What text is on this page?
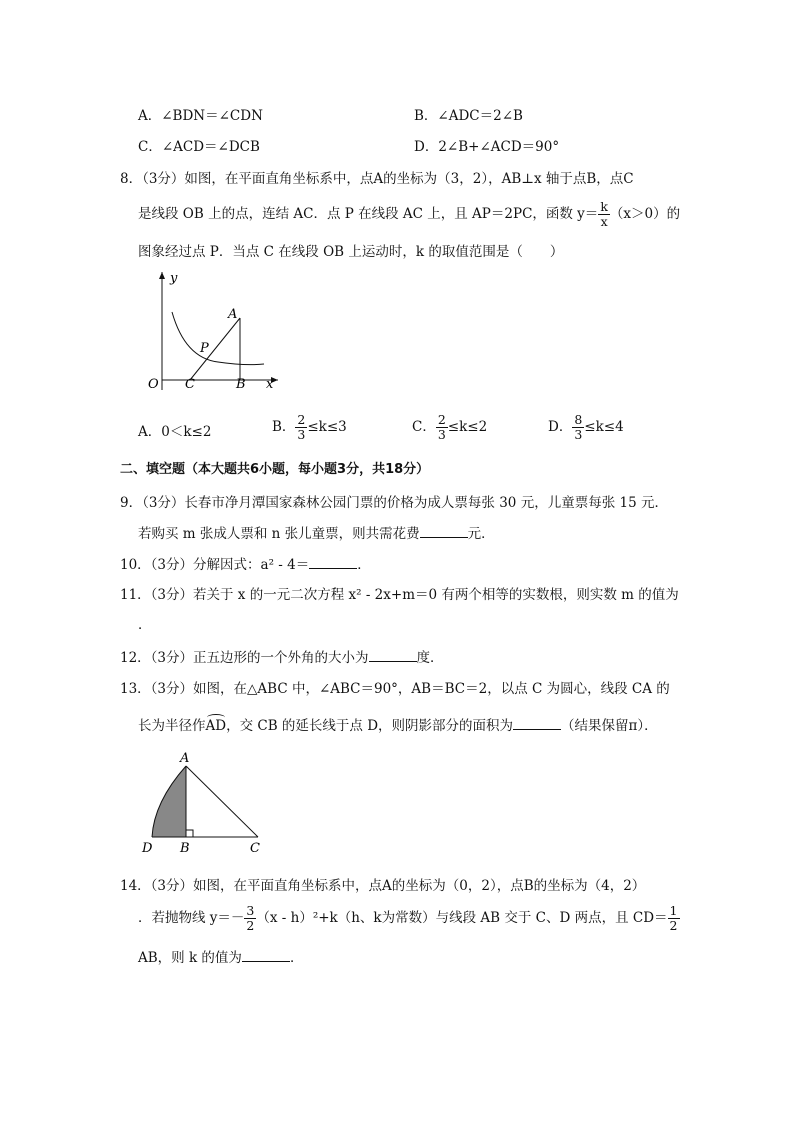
A．∠BDN＝∠CDN	B．∠ADC＝2∠B
C．∠ACD＝∠DCB	D．2∠B+∠ACD＝90°
8．（3分）如图，在平面直角坐标系中，点A的坐标为（3，2），AB⊥x 轴于点B，点C
是线段 OB 上的点，连结 AC．点 P 在线段 AC 上，且 AP＝2PC，函数 $y= \frac{k}{x} (x>0)$的
图象经过点 P．当点 C 在线段 OB 上运动时，k 的取值范围是（　　）
y
A
P
O C	B x
A．0＜k≤2	B． $\frac{2}{3} \le k\le 3$	C． $\frac{2}{3} \le k\le 2$	D． $\frac{8}{3} \le k\le 4$
二、填空题（本大题共6小题，每小题3分，共18分）
9．（3分）长春市净月潭国家森林公园门票的价格为成人票每张 30 元，儿童票每张 15 元．
若购买 m 张成人票和 n 张儿童票，则共需花费	元．
10．（3分）分解因式：a² - 4＝	．
11．（3分）若关于 x 的一元二次方程 x² - 2x+m＝0 有两个相等的实数根，则实数 m 的值为
．
12．（3分）正五边形的一个外角的大小为	度．
13．（3分）如图，在△ABC 中，∠ABC＝90°，AB＝BC＝2，以点 C 为圆心，线段 CA 的
长为半径作AD，交 CB 的延长线于点 D，则阴影部分的面积为	（结果保留π）．
A
D B	C
14．（3分）如图，在平面直角坐标系中，点A的坐标为（0，2），点B的坐标为（4，2）
．若抛物线 $y=- \frac{3}{2} (x - h)^2+k(h$、k为常数）与线段 AB 交于 C、D 两点，且 $CD= \frac{1}{2}$
AB，则 k 的值为	．
